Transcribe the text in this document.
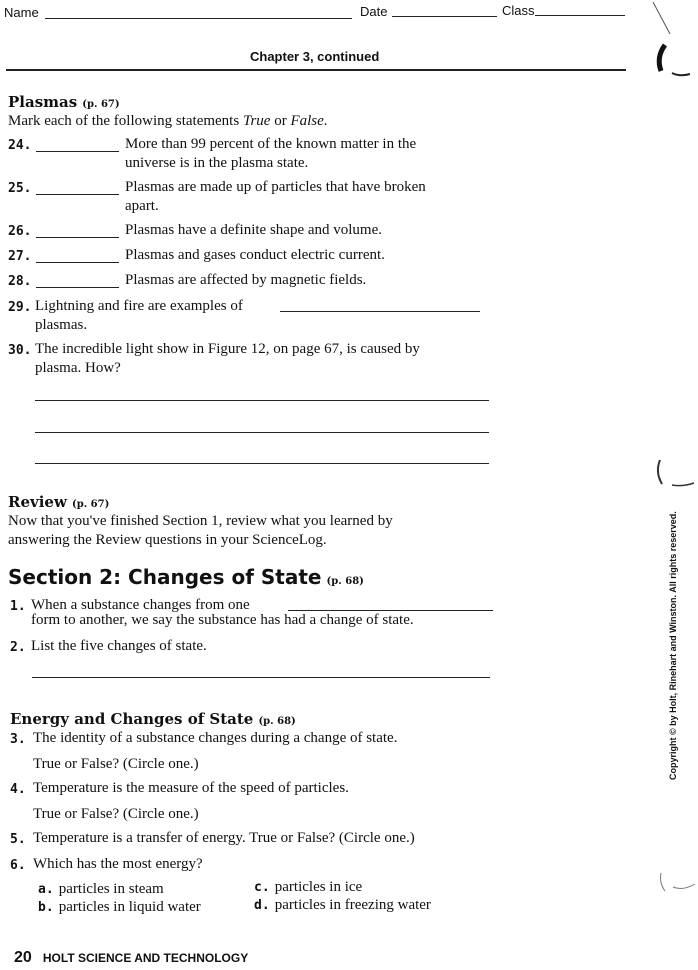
Name	Date	Class
Chapter 3, continued
Plasmas (p. 67)
Mark each of the following statements True or False.
24.	More than 99 percent of the known matter in the
universe is in the plasma state.
25.	Plasmas are made up of particles that have broken
apart.
26.	Plasmas have a definite shape and volume.
27.	Plasmas and gases conduct electric current.
28.	Plasmas are affected by magnetic fields.
29. Lightning and fire are examples of
plasmas.
30. The incredible light show in Figure 12, on page 67, is caused by
plasma. How?
Review (p. 67)
Now that you've finished Section 1, review what you learned by
answering the Review questions in your ScienceLog.
Section 2: Changes of State (p. 68)
1. When a substance changes from one
form to another, we say the substance has had a change of state.
2. List the five changes of state.
Energy and Changes of State (p. 68)
3. The identity of a substance changes during a change of state.
True or False? (Circle one.)
4. Temperature is the measure of the speed of particles.
True or False? (Circle one.)
5. Temperature is a transfer of energy. True or False? (Circle one.)
6. Which has the most energy?
a. particles in steam	c. particles in ice
b. particles in liquid water	d. particles in freezing water
20 HOLT SCIENCE AND TECHNOLOGY
Copyright © by Holt, Rinehart and Winston. All rights reserved.
